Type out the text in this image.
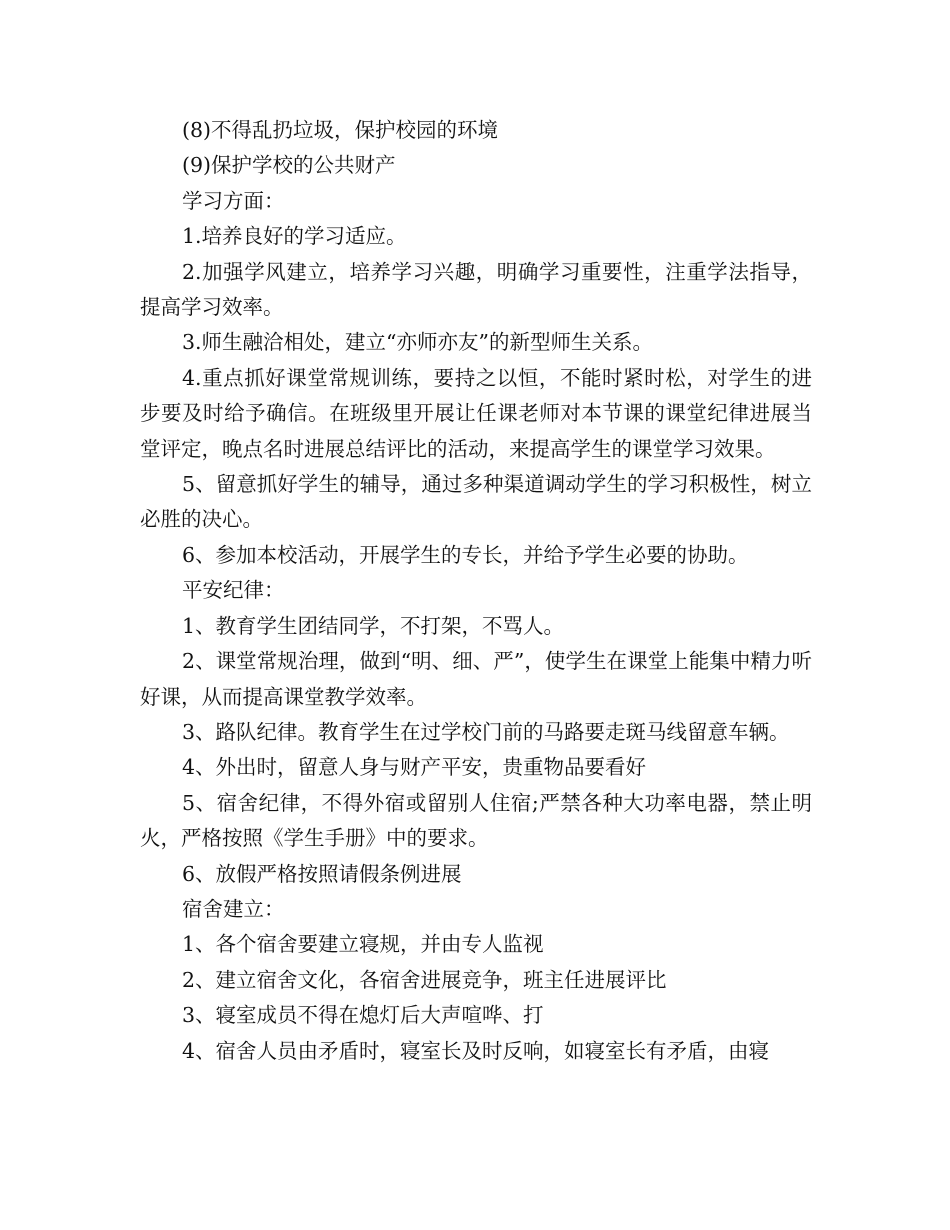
(8)不得乱扔垃圾，保护校园的环境

(9)保护学校的公共财产

学习方面：

1.培养良好的学习适应。

2.加强学风建立，培养学习兴趣，明确学习重要性，注重学法指导，提高学习效率。

3.师生融洽相处，建立“亦师亦友”的新型师生关系。

4.重点抓好课堂常规训练，要持之以恒，不能时紧时松，对学生的进步要及时给予确信。在班级里开展让任课老师对本节课的课堂纪律进展当堂评定，晚点名时进展总结评比的活动，来提高学生的课堂学习效果。

5、留意抓好学生的辅导，通过多种渠道调动学生的学习积极性，树立必胜的决心。

6、参加本校活动，开展学生的专长，并给予学生必要的协助。

平安纪律：

1、教育学生团结同学，不打架，不骂人。

2、课堂常规治理，做到“明、细、严”，使学生在课堂上能集中精力听好课，从而提高课堂教学效率。

3、路队纪律。教育学生在过学校门前的马路要走斑马线留意车辆。

4、外出时，留意人身与财产平安，贵重物品要看好

5、宿舍纪律，不得外宿或留别人住宿;严禁各种大功率电器，禁止明火，严格按照《学生手册》中的要求。

6、放假严格按照请假条例进展

宿舍建立：

1、各个宿舍要建立寝规，并由专人监视

2、建立宿舍文化，各宿舍进展竞争，班主任进展评比

3、寝室成员不得在熄灯后大声喧哗、打

4、宿舍人员由矛盾时，寝室长及时反响，如寝室长有矛盾，由寝
